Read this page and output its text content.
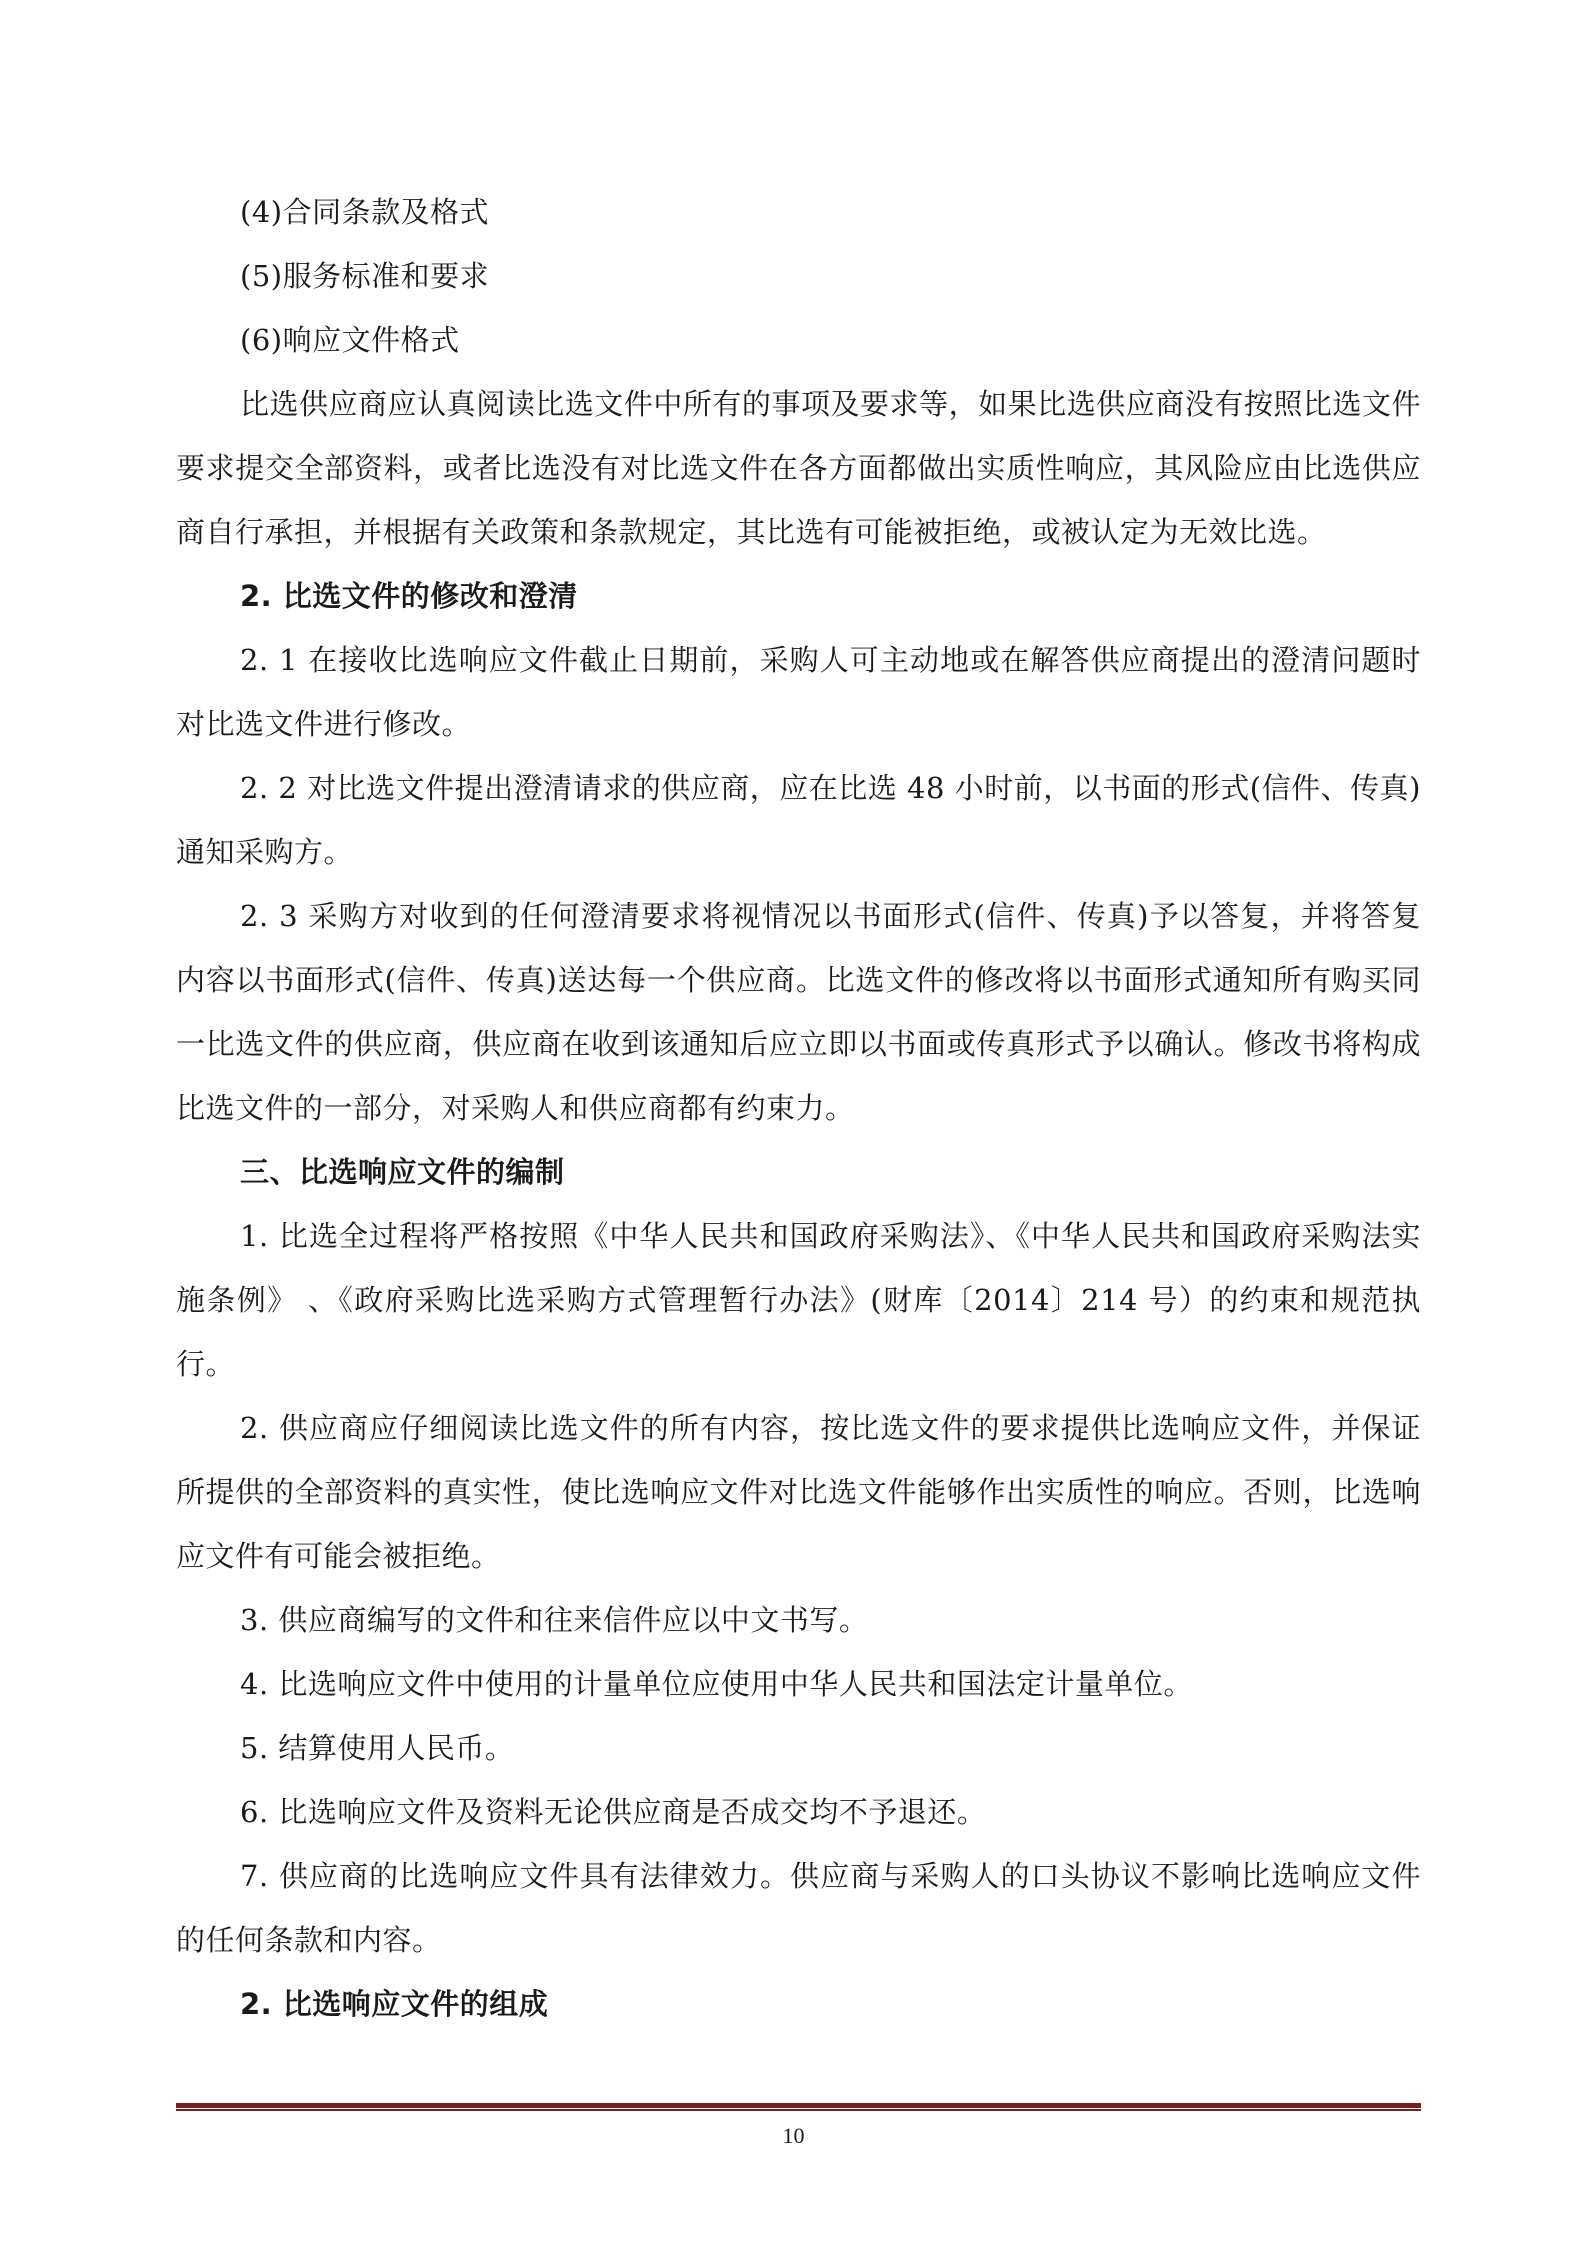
(4)合同条款及格式

(5)服务标准和要求

(6)响应文件格式

比选供应商应认真阅读比选文件中所有的事项及要求等，如果比选供应商没有按照比选文件要求提交全部资料，或者比选没有对比选文件在各方面都做出实质性响应，其风险应由比选供应商自行承担，并根据有关政策和条款规定，其比选有可能被拒绝，或被认定为无效比选。

2. 比选文件的修改和澄清

2. 1 在接收比选响应文件截止日期前，采购人可主动地或在解答供应商提出的澄清问题时对比选文件进行修改。

2. 2 对比选文件提出澄清请求的供应商，应在比选 48 小时前，以书面的形式(信件、传真)通知采购方。

2. 3 采购方对收到的任何澄清要求将视情况以书面形式(信件、传真)予以答复，并将答复内容以书面形式(信件、传真)送达每一个供应商。比选文件的修改将以书面形式通知所有购买同一比选文件的供应商，供应商在收到该通知后应立即以书面或传真形式予以确认。修改书将构成比选文件的一部分，对采购人和供应商都有约束力。

三、比选响应文件的编制

1. 比选全过程将严格按照《中华人民共和国政府采购法》、《中华人民共和国政府采购法实施条例》 、《政府采购比选采购方式管理暂行办法》(财库〔2014〕214 号）的约束和规范执行。

2. 供应商应仔细阅读比选文件的所有内容，按比选文件的要求提供比选响应文件，并保证所提供的全部资料的真实性，使比选响应文件对比选文件能够作出实质性的响应。否则，比选响应文件有可能会被拒绝。

3. 供应商编写的文件和往来信件应以中文书写。

4. 比选响应文件中使用的计量单位应使用中华人民共和国法定计量单位。

5. 结算使用人民币。

6. 比选响应文件及资料无论供应商是否成交均不予退还。

7. 供应商的比选响应文件具有法律效力。供应商与采购人的口头协议不影响比选响应文件的任何条款和内容。

2. 比选响应文件的组成

10
